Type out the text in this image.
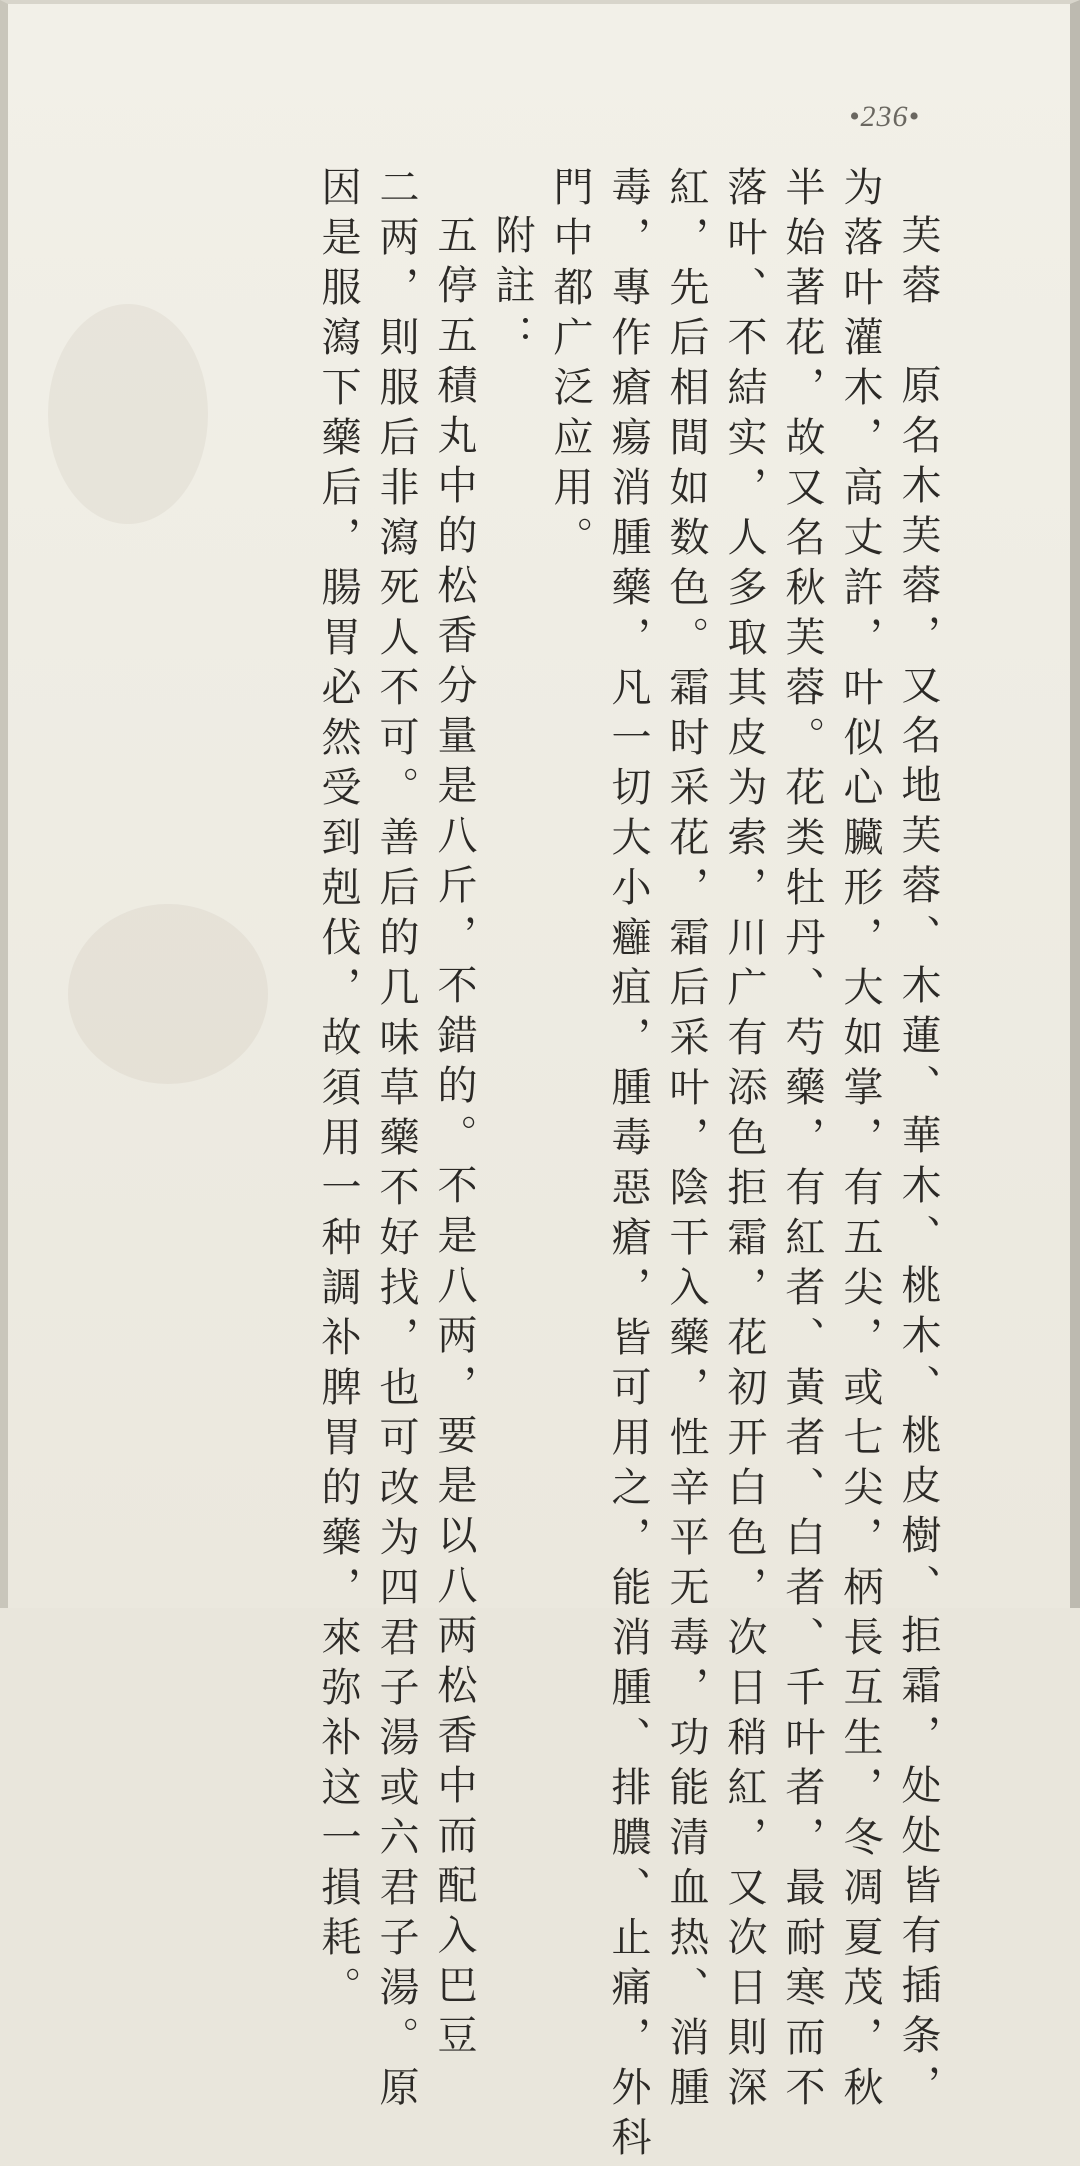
•236•
芙蓉　原名木芙蓉，又名地芙蓉、木蓮、華木、桃木、桃皮樹、拒霜，处处皆有插条，
为落叶灌木，高丈許，叶似心臟形，大如掌，有五尖，或七尖，柄長互生，冬凋夏茂，秋
半始著花，故又名秋芙蓉。花类牡丹、芍藥，有紅者、黃者、白者、千叶者，最耐寒而不
落叶、不結实，人多取其皮为索，川广有添色拒霜，花初开白色，次日稍紅，又次日則深
紅，先后相間如数色。霜时采花，霜后采叶，陰干入藥，性辛平无毒，功能清血热、消腫
毒，專作瘡瘍消腫藥，凡一切大小癰疽，腫毒惡瘡，皆可用之，能消腫、排膿、止痛，外科
門中都广泛应用。
附註：
五停五積丸中的松香分量是八斤，不錯的。不是八两，要是以八两松香中而配入巴豆
二两，則服后非瀉死人不可。善后的几味草藥不好找，也可改为四君子湯或六君子湯。原
因是服瀉下藥后，腸胃必然受到剋伐，故須用一种調补脾胃的藥，來弥补这一損耗。
